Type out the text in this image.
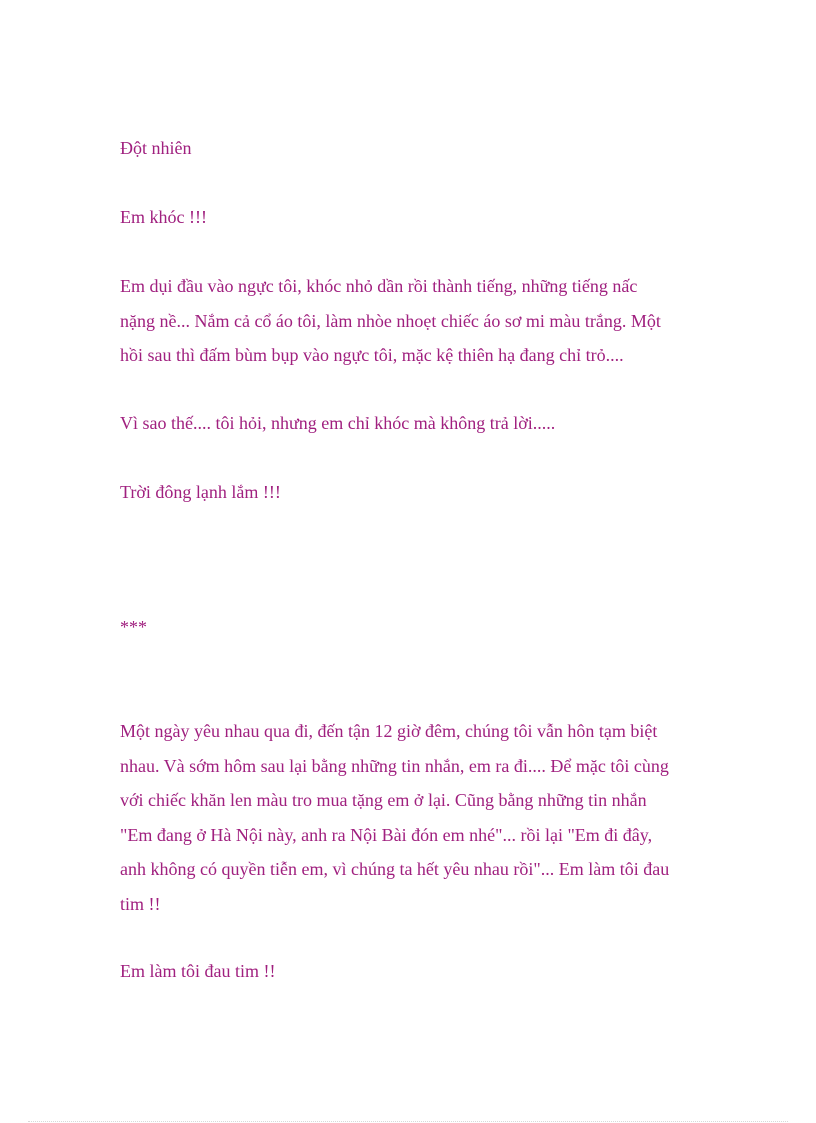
Đột nhiên

Em khóc !!!

Em dụi đầu vào ngực tôi, khóc nhỏ dần rồi thành tiếng, những tiếng nấc
nặng nề... Nắm cả cổ áo tôi, làm nhòe nhoẹt chiếc áo sơ mi màu trắng. Một
hồi sau thì đấm bùm bụp vào ngực tôi, mặc kệ thiên hạ đang chỉ trỏ....

Vì sao thế.... tôi hỏi, nhưng em chỉ khóc mà không trả lời.....

Trời đông lạnh lắm !!!

***

Một ngày yêu nhau qua đi, đến tận 12 giờ đêm, chúng tôi vẫn hôn tạm biệt
nhau. Và sớm hôm sau lại bằng những tin nhắn, em ra đi.... Để mặc tôi cùng
với chiếc khăn len màu tro mua tặng em ở lại. Cũng bằng những tin nhắn
"Em đang ở Hà Nội này, anh ra Nội Bài đón em nhé"... rồi lại "Em đi đây,
anh không có quyền tiễn em, vì chúng ta hết yêu nhau rồi"... Em làm tôi đau
tim !!

Em làm tôi đau tim !!
